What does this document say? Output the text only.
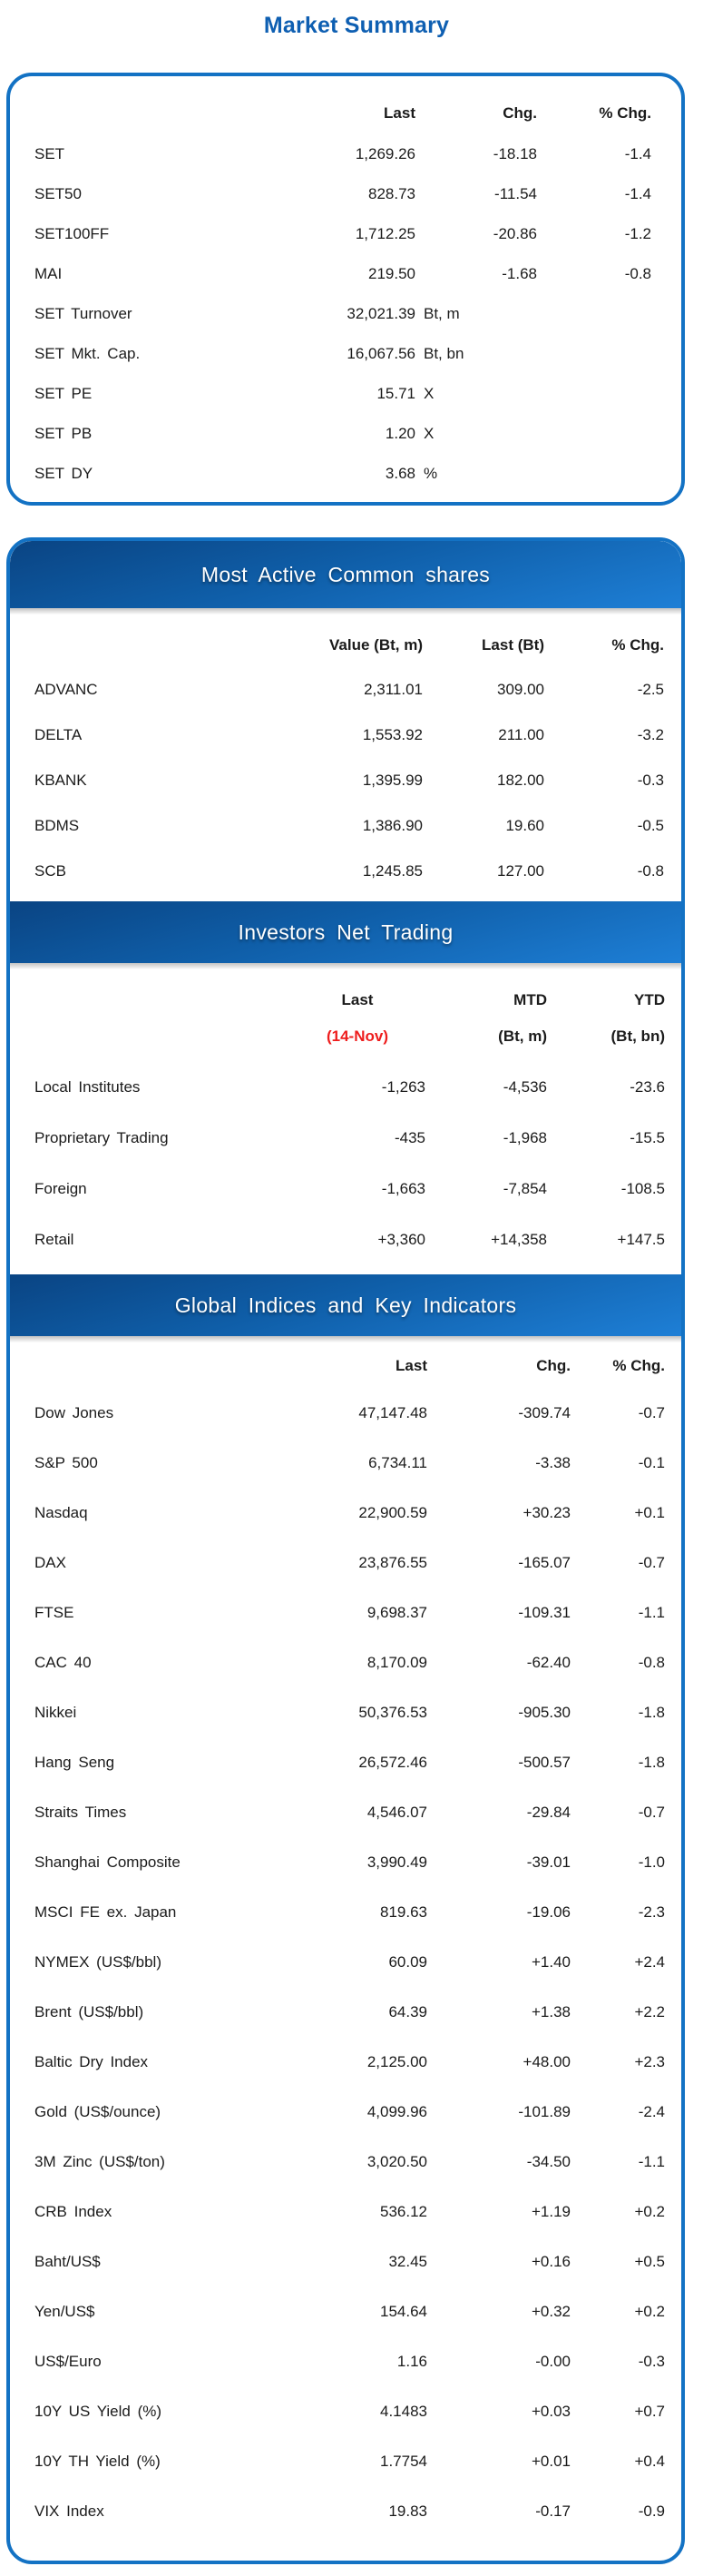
Market Summary
Last	Chg.	% Chg.
SET	1,269.26	-18.18	-1.4
SET50	828.73	-11.54	-1.4
SET100FF	1,712.25	-20.86	-1.2
MAI	219.50	-1.68	-0.8
SET Turnover	32,021.39 Bt, m
SET Mkt. Cap.	16,067.56 Bt, bn
SET PE	15.71 X
SET PB	1.20 X
SET DY	3.68 %
Most Active Common shares
Value (Bt, m)	Last (Bt)	% Chg.
ADVANC	2,311.01	309.00	-2.5
DELTA	1,553.92	211.00	-3.2
KBANK	1,395.99	182.00	-0.3
BDMS	1,386.90	19.60	-0.5
SCB	1,245.85	127.00	-0.8
Investors Net Trading
Last	MTD	YTD
(14-Nov)	(Bt, m)	(Bt, bn)
Local Institutes	-1,263	-4,536	-23.6
Proprietary Trading	-435	-1,968	-15.5
Foreign	-1,663	-7,854	-108.5
Retail	+3,360	+14,358	+147.5
Global Indices and Key Indicators
Last	Chg.	% Chg.
Dow Jones	47,147.48	-309.74	-0.7
S&P 500	6,734.11	-3.38	-0.1
Nasdaq	22,900.59	+30.23	+0.1
DAX	23,876.55	-165.07	-0.7
FTSE	9,698.37	-109.31	-1.1
CAC 40	8,170.09	-62.40	-0.8
Nikkei	50,376.53	-905.30	-1.8
Hang Seng	26,572.46	-500.57	-1.8
Straits Times	4,546.07	-29.84	-0.7
Shanghai Composite	3,990.49	-39.01	-1.0
MSCI FE ex. Japan	819.63	-19.06	-2.3
NYMEX (US$/bbl)	60.09	+1.40	+2.4
Brent (US$/bbl)	64.39	+1.38	+2.2
Baltic Dry Index	2,125.00	+48.00	+2.3
Gold (US$/ounce)	4,099.96	-101.89	-2.4
3M Zinc (US$/ton)	3,020.50	-34.50	-1.1
CRB Index	536.12	+1.19	+0.2
Baht/US$	32.45	+0.16	+0.5
Yen/US$	154.64	+0.32	+0.2
US$/Euro	1.16	-0.00	-0.3
10Y US Yield (%)	4.1483	+0.03	+0.7
10Y TH Yield (%)	1.7754	+0.01	+0.4
VIX Index	19.83	-0.17	-0.9
